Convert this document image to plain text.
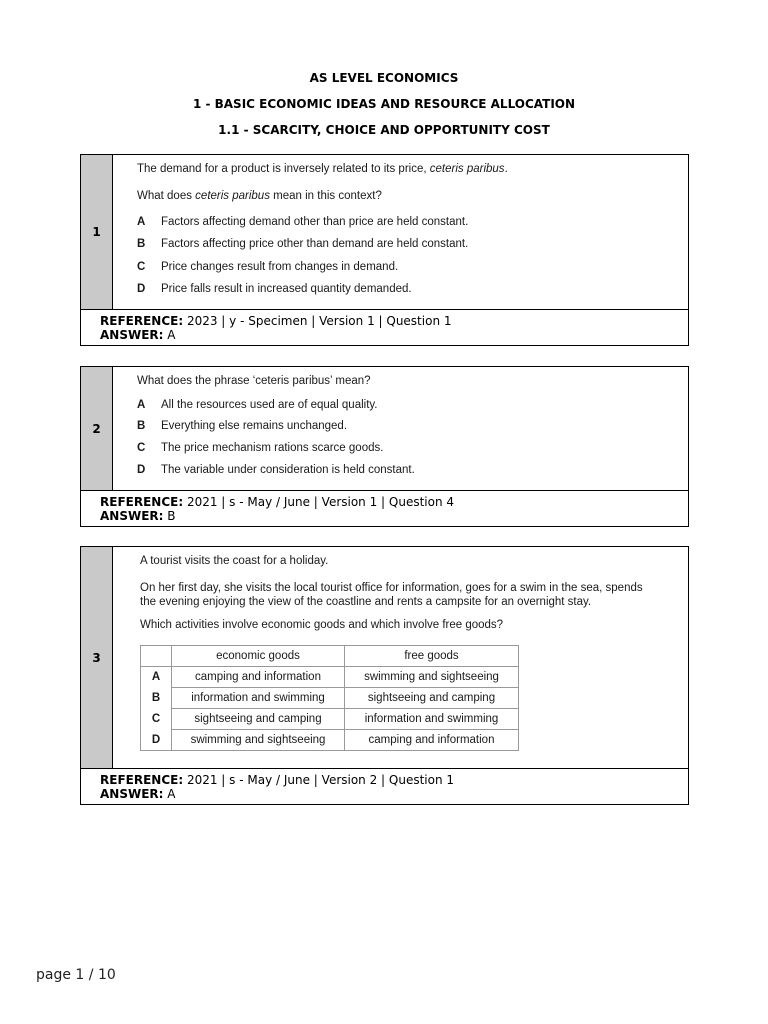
AS LEVEL ECONOMICS
1 - BASIC ECONOMIC IDEAS AND RESOURCE ALLOCATION
1.1 - SCARCITY, CHOICE AND OPPORTUNITY COST
1
The demand for a product is inversely related to its price, ceteris paribus.
What does ceteris paribus mean in this context?
A Factors affecting demand other than price are held constant.
B Factors affecting price other than demand are held constant.
C Price changes result from changes in demand.
D Price falls result in increased quantity demanded.
REFERENCE: 2023 | y - Specimen | Version 1 | Question 1
ANSWER: A
2
What does the phrase ‘ceteris paribus’ mean?
A All the resources used are of equal quality.
B Everything else remains unchanged.
C The price mechanism rations scarce goods.
D The variable under consideration is held constant.
REFERENCE: 2021 | s - May / June | Version 1 | Question 4
ANSWER: B
3
A tourist visits the coast for a holiday.
On her first day, she visits the local tourist office for information, goes for a swim in the sea, spends the evening enjoying the view of the coastline and rents a campsite for an overnight stay.
Which activities involve economic goods and which involve free goods?
	economic goods	free goods
A	camping and information	swimming and sightseeing
B	information and swimming	sightseeing and camping
C	sightseeing and camping	information and swimming
D	swimming and sightseeing	camping and information
REFERENCE: 2021 | s - May / June | Version 2 | Question 1
ANSWER: A
page 1 / 10
